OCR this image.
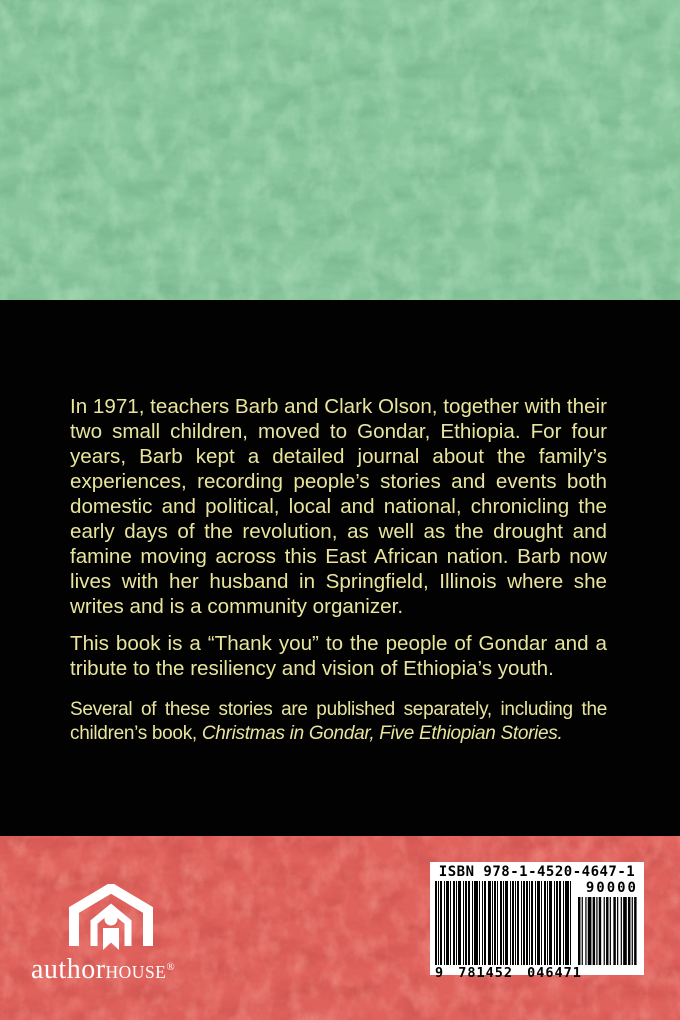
In 1971, teachers Barb and Clark Olson, together with their two small children, moved to Gondar, Ethiopia. For four years, Barb kept a detailed journal about the family’s experiences, recording people’s stories and events both domestic and political, local and national, chronicling the early days of the revolution, as well as the drought and famine moving across this East African nation. Barb now lives with her husband in Springfield, Illinois where she writes and is a community organizer.

This book is a “Thank you” to the people of Gondar and a tribute to the resiliency and vision of Ethiopia’s youth.

Several of these stories are published separately, including the children’s book, Christmas in Gondar, Five Ethiopian Stories.

authorHOUSE®
ISBN 978-1-4520-4647-1
9 781452 046471
90000
